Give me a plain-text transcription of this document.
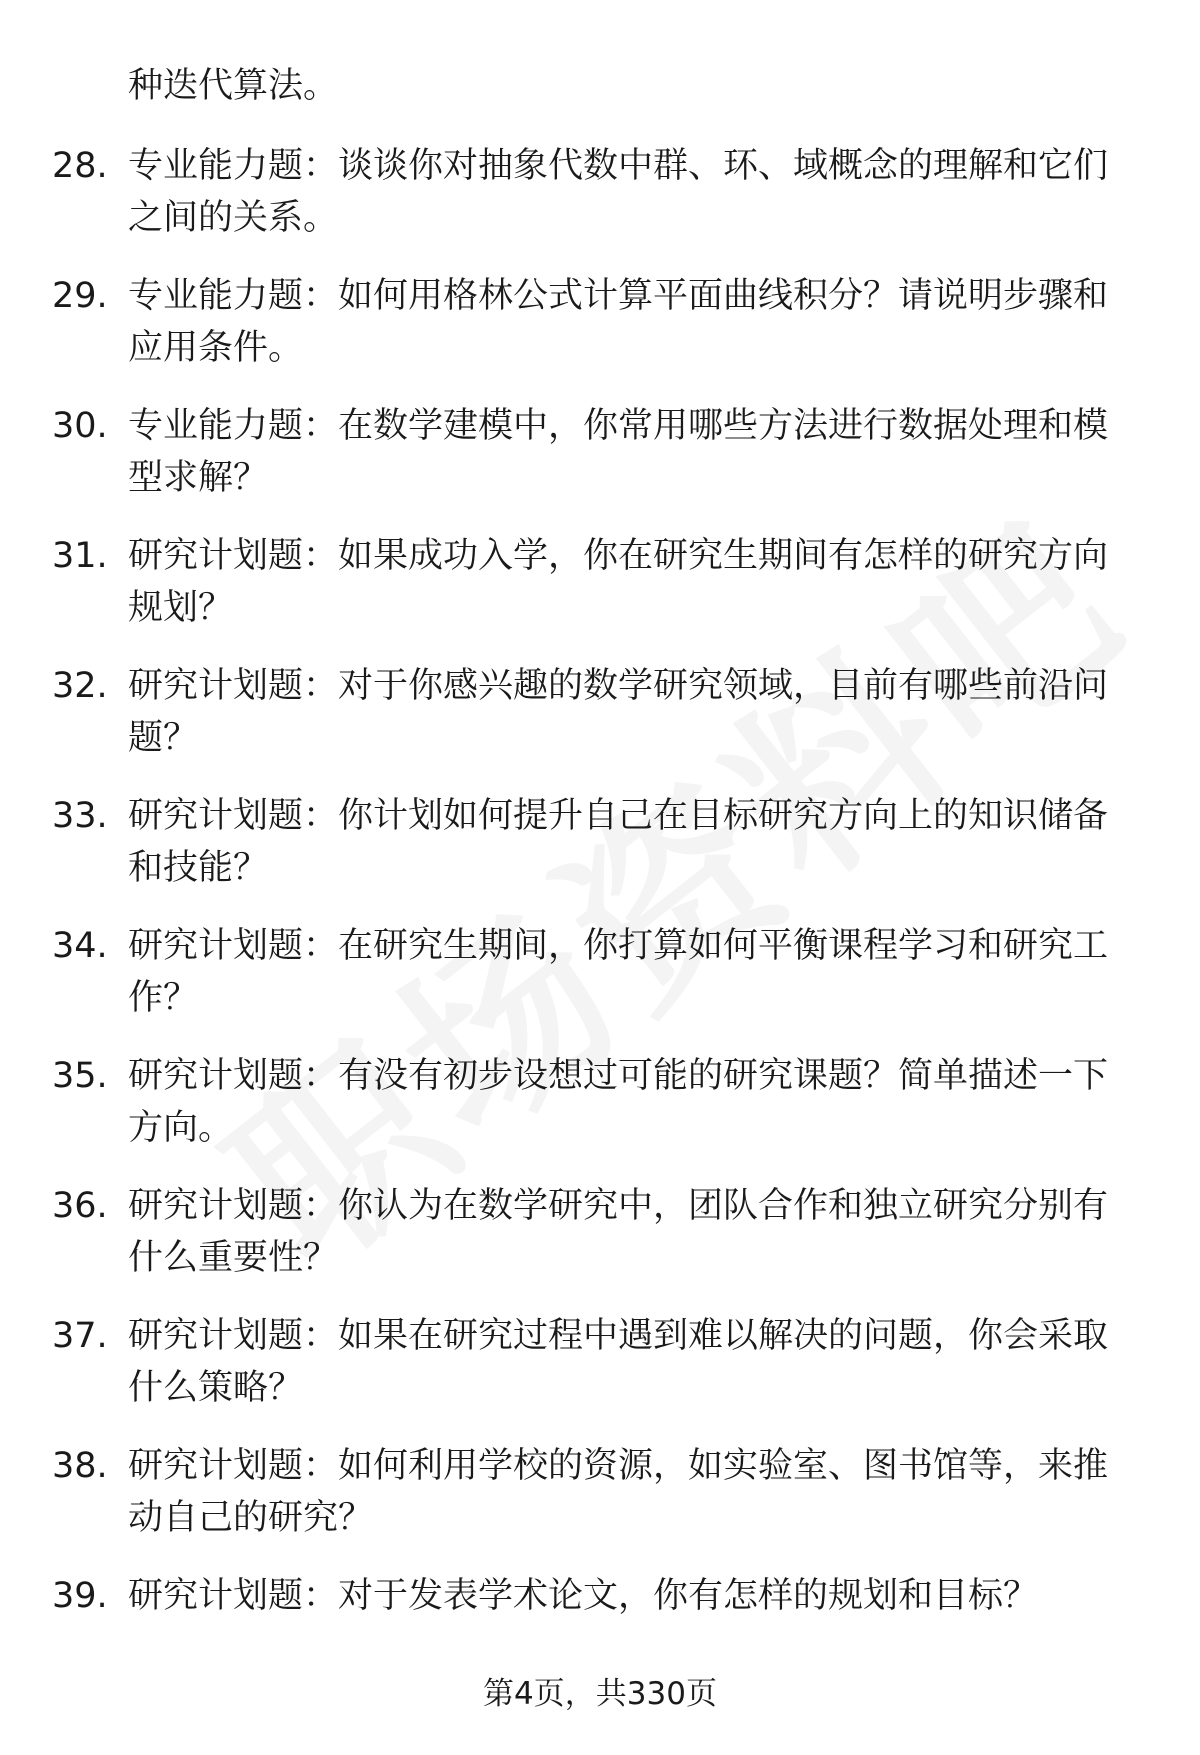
种迭代算法。
28. 专业能力题：谈谈你对抽象代数中群、环、域概念的理解和它们之间的关系。
29. 专业能力题：如何用格林公式计算平面曲线积分？请说明步骤和应用条件。
30. 专业能力题：在数学建模中，你常用哪些方法进行数据处理和模型求解？
31. 研究计划题：如果成功入学，你在研究生期间有怎样的研究方向规划？
32. 研究计划题：对于你感兴趣的数学研究领域，目前有哪些前沿问题？
33. 研究计划题：你计划如何提升自己在目标研究方向上的知识储备和技能？
34. 研究计划题：在研究生期间，你打算如何平衡课程学习和研究工作？
35. 研究计划题：有没有初步设想过可能的研究课题？简单描述一下方向。
36. 研究计划题：你认为在数学研究中，团队合作和独立研究分别有什么重要性？
37. 研究计划题：如果在研究过程中遇到难以解决的问题，你会采取什么策略？
38. 研究计划题：如何利用学校的资源，如实验室、图书馆等，来推动自己的研究？
39. 研究计划题：对于发表学术论文，你有怎样的规划和目标？
第4页，共330页
